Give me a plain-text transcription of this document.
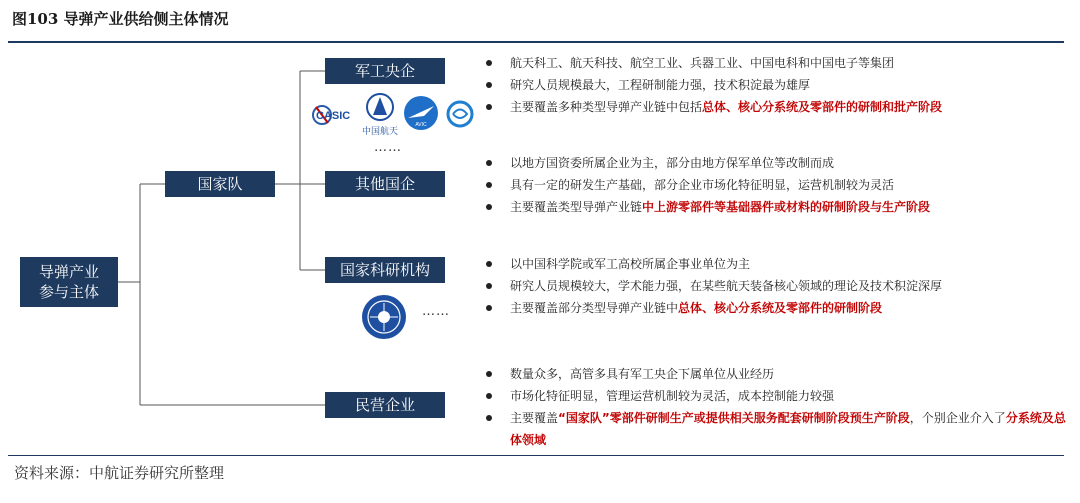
图103 导弹产业供给侧主体情况
导弹产业
参与主体
国家队
军工央企
其他国企
国家科研机构
民营企业
CASIC
中国航天
AVIC
……
……
航天科工、航天科技、航空工业、兵器工业、中国电科和中国电子等集团
研究人员规模最大，工程研制能力强，技术积淀最为雄厚
主要覆盖多种类型导弹产业链中包括总体、核心分系统及零部件的研制和批产阶段
以地方国资委所属企业为主，部分由地方保军单位等改制而成
具有一定的研发生产基础，部分企业市场化特征明显，运营机制较为灵活
主要覆盖类型导弹产业链中上游零部件等基础器件或材料的研制阶段与生产阶段
以中国科学院或军工高校所属企事业单位为主
研究人员规模较大，学术能力强，在某些航天装备核心领域的理论及技术积淀深厚
主要覆盖部分类型导弹产业链中总体、核心分系统及零部件的研制阶段
数量众多，高管多具有军工央企下属单位从业经历
市场化特征明显，管理运营机制较为灵活，成本控制能力较强
主要覆盖“国家队”零部件研制生产或提供相关服务配套研制阶段预生产阶段，个别企业介入了分系统及总体领域
资料来源：中航证券研究所整理
